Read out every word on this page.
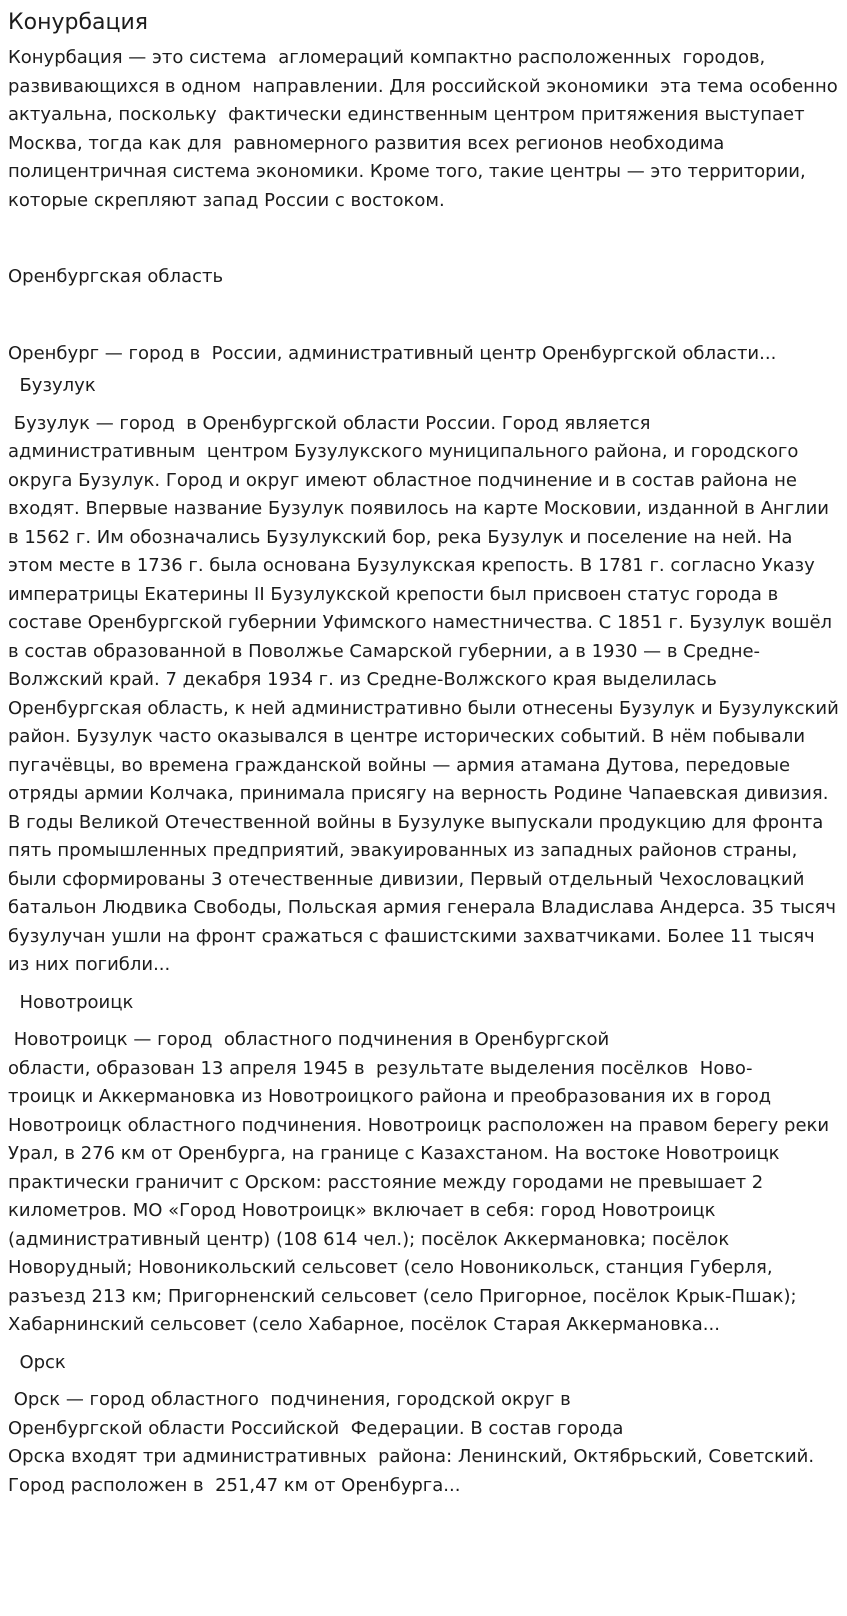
Конурбация

Конурбация — это система  агломераций компактно расположенных  городов, развивающихся в одном  направлении. Для российской экономики  эта тема особенно актуальна, поскольку  фактически единственным центром притяжения выступает Москва, тогда как для  равномерного развития всех регионов необходима полицентричная система экономики. Кроме того, такие центры — это территории, которые скрепляют запад России с востоком.

Оренбургская область

Оренбург — город в  России, административный центр Оренбургской области...

Бузулук

Бузулук — город  в Оренбургской области России. Город является административным  центром Бузулукского муниципального района, и городского округа Бузулук. Город и округ имеют областное подчинение и в состав района не входят. Впервые название Бузулук появилось на карте Московии, изданной в Англии в 1562 г. Им обозначались Бузулукский бор, река Бузулук и поселение на ней. На этом месте в 1736 г. была основана Бузулукская крепость. В 1781 г. согласно Указу императрицы Екатерины II Бузулукской крепости был присвоен статус города в составе Оренбургской губернии Уфимского наместничества. С 1851 г. Бузулук вошёл в состав образованной в Поволжье Самарской губернии, а в 1930 — в Средне-Волжский край. 7 декабря 1934 г. из Средне-Волжского края выделилась Оренбургская область, к ней административно были отнесены Бузулук и Бузулукский район. Бузулук часто оказывался в центре исторических событий. В нём побывали пугачёвцы, во времена гражданской войны — армия атамана Дутова, передовые отряды армии Колчака, принимала присягу на верность Родине Чапаевская дивизия. В годы Великой Отечественной войны в Бузулуке выпускали продукцию для фронта пять промышленных предприятий, эвакуированных из западных районов страны, были сформированы 3 отечественные дивизии, Первый отдельный Чехословацкий батальон Людвика Свободы, Польская армия генерала Владислава Андерса. 35 тысяч бузулучан ушли на фронт сражаться с фашистскими захватчиками. Более 11 тысяч из них погибли...

Новотроицк

Новотроицк — город  областного подчинения в Оренбургской
области, образован 13 апреля 1945 в  результате выделения посёлков  Ново-
троицк и Аккермановка из Новотроицкого района и преобразования их в город Новотроицк областного подчинения. Новотроицк расположен на правом берегу реки Урал, в 276 км от Оренбурга, на границе с Казахстаном. На востоке Новотроицк практически граничит с Орском: расстояние между городами не превышает 2 километров. МО «Город Новотроицк» включает в себя: город Новотроицк (административный центр) (108 614 чел.); посёлок Аккермановка; посёлок Новорудный; Новоникольский сельсовет (село Новоникольск, станция Губерля, разъезд 213 км; Пригорненский сельсовет (село Пригорное, посёлок Крык-Пшак); Хабарнинский сельсовет (село Хабарное, посёлок Старая Аккермановка...

Орск

Орск — город областного  подчинения, городской округ в
Оренбургской области Российской  Федерации. В состав города
Орска входят три административных  района: Ленинский, Октябрьский, Советский. Город расположен в  251,47 км от Оренбурга...
